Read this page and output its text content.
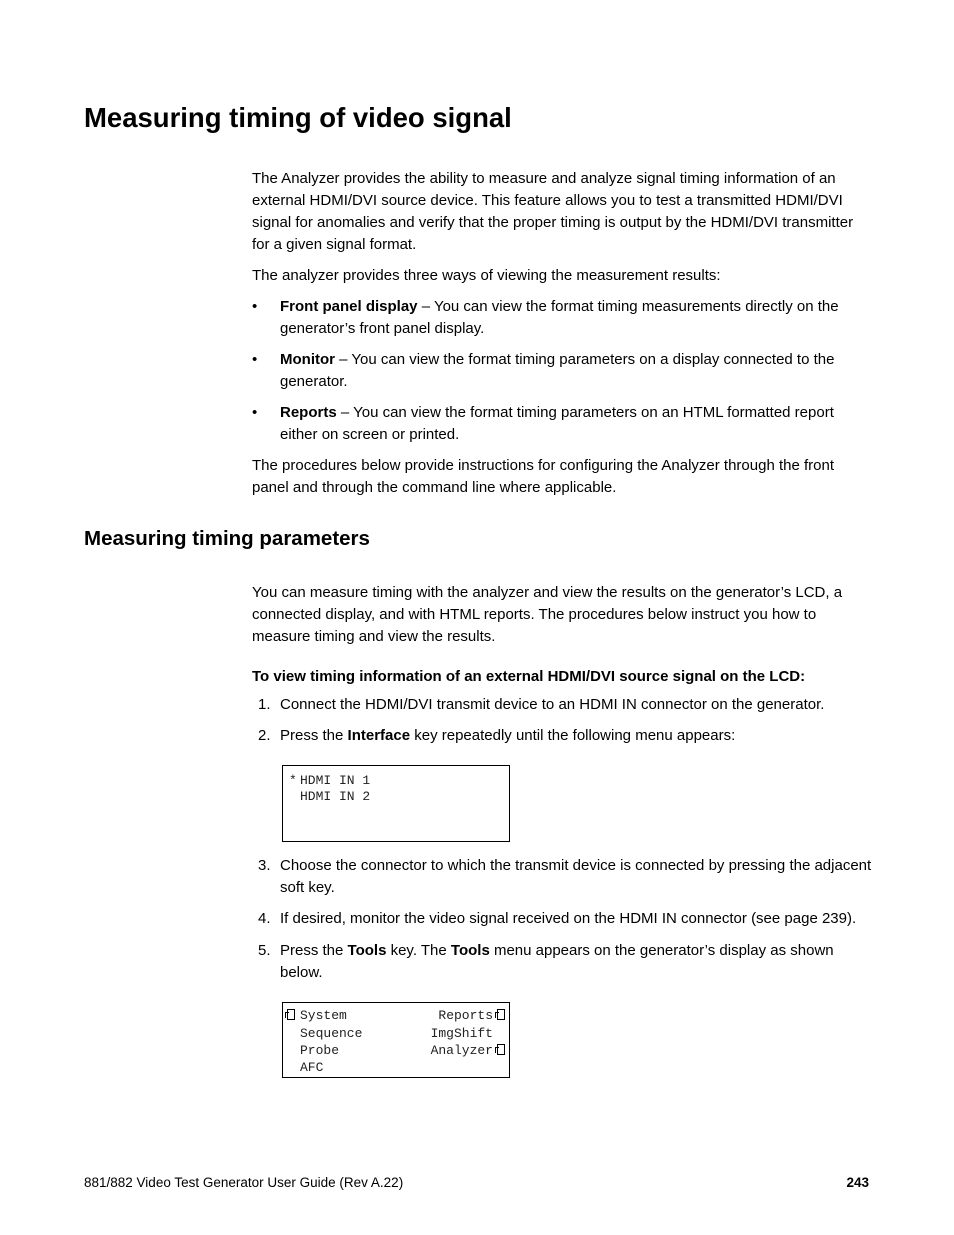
Measuring timing of video signal

The Analyzer provides the ability to measure and analyze signal timing information of an external HDMI/DVI source device. This feature allows you to test a transmitted HDMI/DVI signal for anomalies and verify that the proper timing is output by the HDMI/DVI transmitter for a given signal format.

The analyzer provides three ways of viewing the measurement results:

• Front panel display – You can view the format timing measurements directly on the generator’s front panel display.

• Monitor – You can view the format timing parameters on a display connected to the generator.

• Reports – You can view the format timing parameters on an HTML formatted report either on screen or printed.

The procedures below provide instructions for configuring the Analyzer through the front panel and through the command line where applicable.

Measuring timing parameters

You can measure timing with the analyzer and view the results on the generator’s LCD, a connected display, and with HTML reports. The procedures below instruct you how to measure timing and view the results.

To view timing information of an external HDMI/DVI source signal on the LCD:

1. Connect the HDMI/DVI transmit device to an HDMI IN connector on the generator.

2. Press the Interface key repeatedly until the following menu appears:

* HDMI IN 1
HDMI IN 2
3. Choose the connector to which the transmit device is connected by pressing the adjacent soft key.

4. If desired, monitor the video signal received on the HDMI IN connector (see page 239).

5. Press the Tools key. The Tools menu appears on the generator’s display as shown below.

System
Sequence
Probe
AFC
Reports
ImgShift
Analyzer
881/882 Video Test Generator User Guide (Rev A.22)	243
